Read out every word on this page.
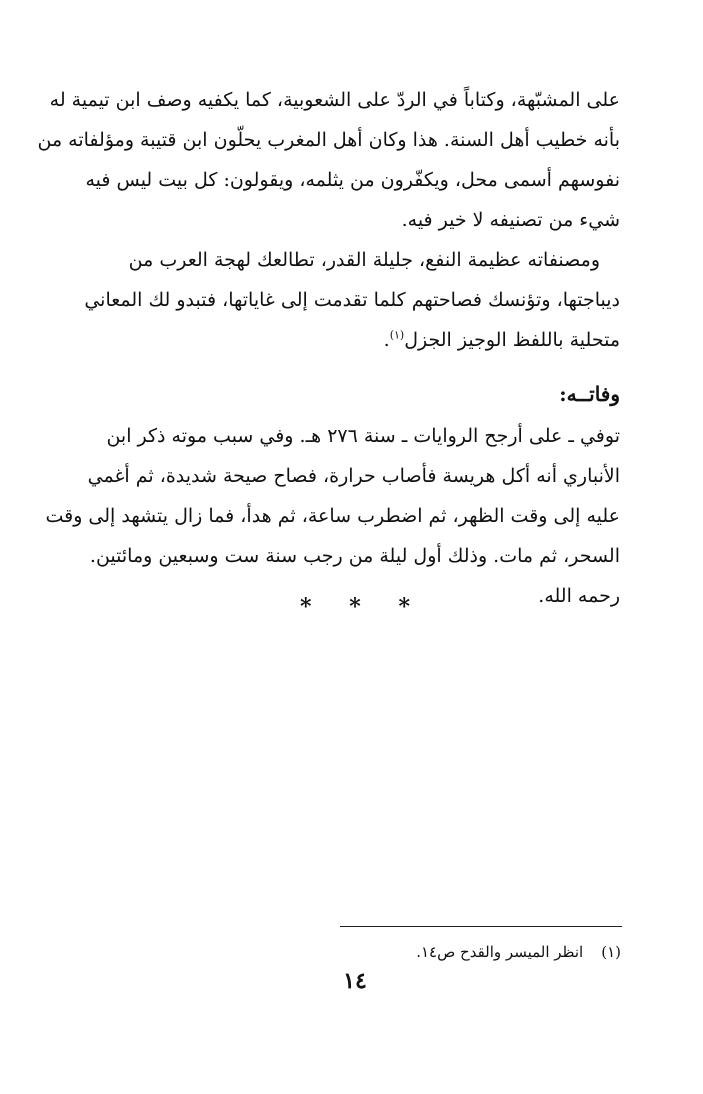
على المشبّهة، وكتاباً في الردّ على الشعوبية، كما يكفيه وصف ابن تيمية له
بأنه خطيب أهل السنة. هذا وكان أهل المغرب يحلّون ابن قتيبة ومؤلفاته من
نفوسهم أسمى محل، ويكفّرون من يثلمه، ويقولون: كل بيت ليس فيه
شيء من تصنيفه لا خير فيه.
ومصنفاته عظيمة النفع، جليلة القدر، تطالعك لهجة العرب من
ديباجتها، وتؤنسك فصاحتهم كلما تقدمت إلى غاياتها، فتبدو لك المعاني
متحلية باللفظ الوجيز الجزل$^{(١)}$.
وفاتــه:
توفي ـ على أرجح الروايات ـ سنة ٢٧٦ هـ. وفي سبب موته ذكر ابن
الأنباري أنه أكل هريسة فأصاب حرارة، فصاح صيحة شديدة، ثم أغمي
عليه إلى وقت الظهر، ثم اضطرب ساعة، ثم هدأ، فما زال يتشهد إلى وقت
السحر، ثم مات. وذلك أول ليلة من رجب سنة ست وسبعين ومائتين.
رحمه الله.
* * *
(١)انظر الميسر والقدح ص١٤.
١٤
